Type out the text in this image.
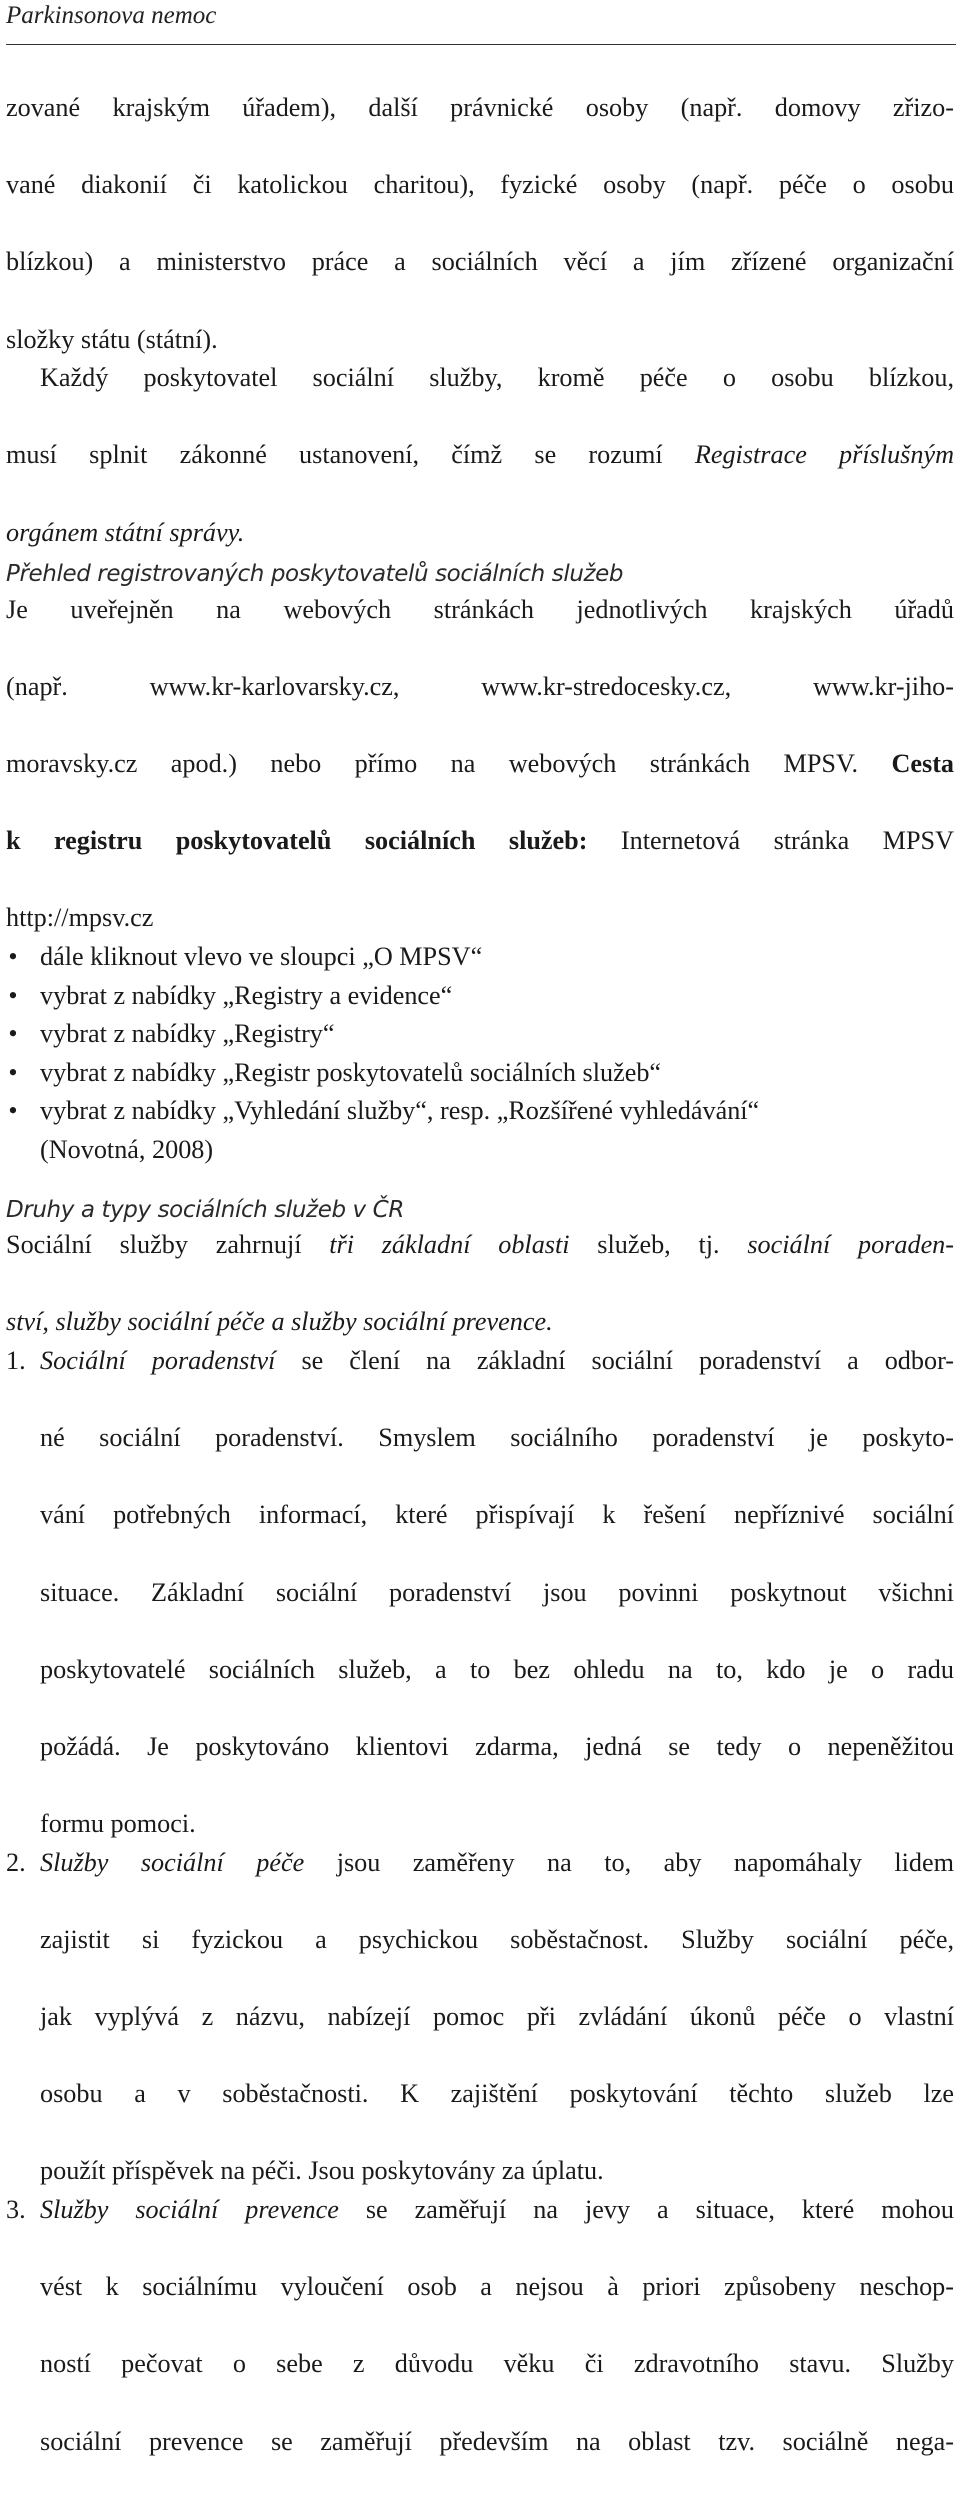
Parkinsonova nemoc
zované krajským úřadem), další právnické osoby (např. domovy zřizo-
vané diakonií či katolickou charitou), fyzické osoby (např. péče o osobu
blízkou) a ministerstvo práce a sociálních věcí a jím zřízené organizační
složky státu (státní).
Každý poskytovatel sociální služby, kromě péče o osobu blízkou,
musí splnit zákonné ustanovení, čímž se rozumí Registrace příslušným
orgánem státní správy.
Přehled registrovaných poskytovatelů sociálních služeb
Je uveřejněn na webových stránkách jednotlivých krajských úřadů
(např. www.kr-karlovarsky.cz, www.kr-stredocesky.cz, www.kr-jiho-
moravsky.cz apod.) nebo přímo na webových stránkách MPSV. Cesta
k registru poskytovatelů sociálních služeb: Internetová stránka MPSV
http://mpsv.cz
• dále kliknout vlevo ve sloupci „O MPSV“
• vybrat z nabídky „Registry a evidence“
• vybrat z nabídky „Registry“
• vybrat z nabídky „Registr poskytovatelů sociálních služeb“
• vybrat z nabídky „Vyhledání služby“, resp. „Rozšířené vyhledávání“
(Novotná, 2008)
Druhy a typy sociálních služeb v ČR
Sociální služby zahrnují tři základní oblasti služeb, tj. sociální poraden-
ství, služby sociální péče a služby sociální prevence.
1. Sociální poradenství se člení na základní sociální poradenství a odbor-
né sociální poradenství. Smyslem sociálního poradenství je poskyto-
vání potřebných informací, které přispívají k řešení nepříznivé sociální
situace. Základní sociální poradenství jsou povinni poskytnout všichni
poskytovatelé sociálních služeb, a to bez ohledu na to, kdo je o radu
požádá. Je poskytováno klientovi zdarma, jedná se tedy o nepeněžitou
formu pomoci.
2. Služby sociální péče jsou zaměřeny na to, aby napomáhaly lidem
zajistit si fyzickou a psychickou soběstačnost. Služby sociální péče,
jak vyplývá z názvu, nabízejí pomoc při zvládání úkonů péče o vlastní
osobu a v soběstačnosti. K zajištění poskytování těchto služeb lze
použít příspěvek na péči. Jsou poskytovány za úplatu.
3. Služby sociální prevence se zaměřují na jevy a situace, které mohou
vést k sociálnímu vyloučení osob a nejsou à priori způsobeny neschop-
ností pečovat o sebe z důvodu věku či zdravotního stavu. Služby
sociální prevence se zaměřují především na oblast tzv. sociálně nega-
